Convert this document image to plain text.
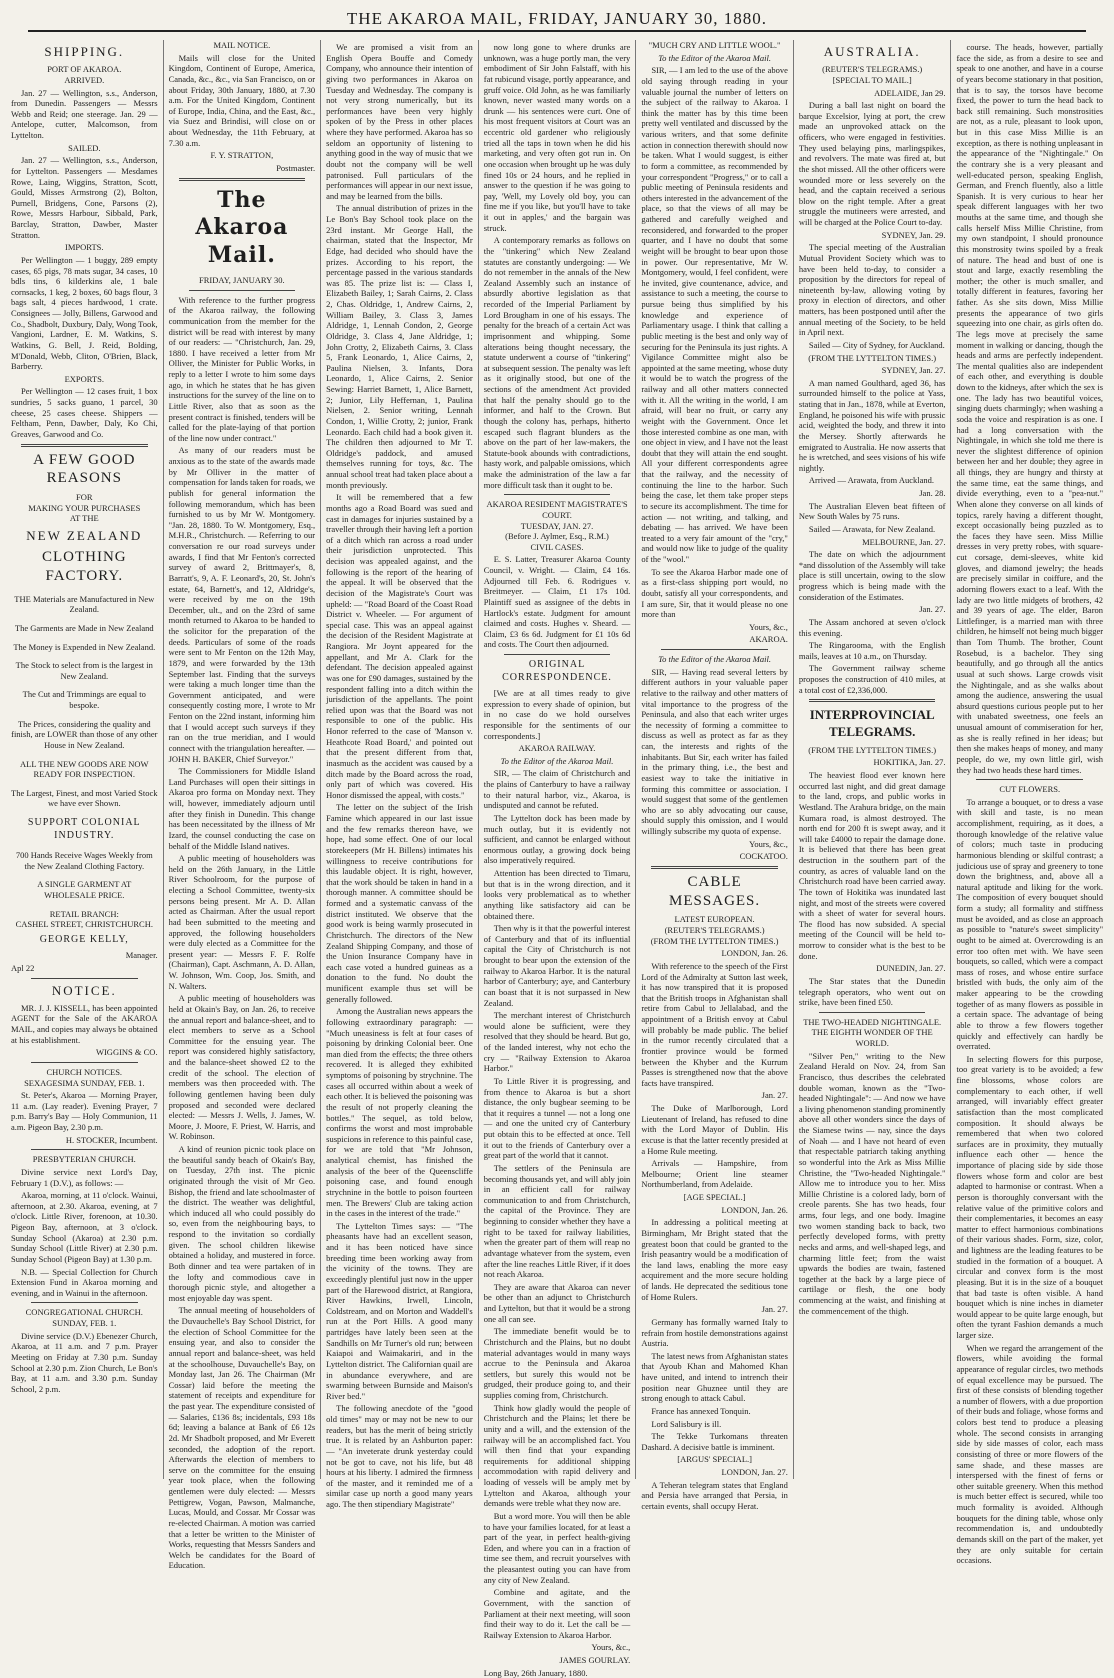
THE AKAROA MAIL, FRIDAY, JANUARY 30, 1880.
SHIPPING.
PORT OF AKAROA.
ARRIVED.
Jan. 27 — Wellington, s.s., Anderson, from Dunedin. Passengers — Messrs Webb and Reid; one steerage. Jan. 29 — Antelope, cutter, Malcomson, from Lyttelton.
SAILED.
Jan. 27 — Wellington, s.s., Anderson, for Lyttelton. Passengers — Mesdames Rowe, Laing, Wiggins, Stratton, Scott, Gould, Misses Armstrong (2), Bolton, Purnell, Bridgens, Cone, Parsons (2), Rowe, Messrs Harbour, Sibbald, Park, Barclay, Stratton, Dawber, Master Stratton.
IMPORTS.
Per Wellington — 1 buggy, 289 empty cases, 65 pigs, 78 mats sugar, 34 cases, 10 bdls tins, 6 kilderkins ale, 1 bale cornsacks, 1 keg, 2 boxes, 60 bags flour, 3 bags salt, 4 pieces hardwood, 1 crate. Consignees — Jolly, Billens, Garwood and Co., Shadbolt, Duxbury, Daly, Wong Took, Vangioni, Lardner, E. M. Watkins, S. Watkins, G. Bell, J. Reid, Bolding, M'Donald, Webb, Cliton, O'Brien, Black, Barberry.
EXPORTS.
Per Wellington — 12 cases fruit, 1 box sundries, 5 sacks guano, 1 parcel, 30 cheese, 25 cases cheese. Shippers — Feltham, Penn, Dawber, Daly, Ko Chi, Greaves, Garwood and Co.
A FEW GOOD REASONS
FOR
MAKING YOUR PURCHASES
AT THE
NEW ZEALAND
CLOTHING FACTORY.

THE Materials are Manufactured in New Zealand.

The Garments are Made in New Zealand

The Money is Expended in New Zealand.

The Stock to select from is the largest in New Zealand.

The Cut and Trimmings are equal to bespoke.

The Prices, considering the quality and finish, are LOWER than those of any other House in New Zealand.

ALL THE NEW GOODS ARE NOW READY FOR INSPECTION.

The Largest, Finest, and most Varied Stock we have ever Shown.

SUPPORT COLONIAL INDUSTRY.

700 Hands Receive Wages Weekly from the New Zealand Clothing Factory.

A SINGLE GARMENT AT WHOLESALE PRICE.

RETAIL BRANCH:
CASHEL STREET, CHRISTCHURCH.
GEORGE KELLY,
Manager.
Apl 22
NOTICE.
MR. J. J. KISSELL, has been appointed AGENT for the Sale of the AKAROA MAIL, and copies may always be obtained at his establishment.
WIGGINS & CO.
CHURCH NOTICES.
SEXAGESIMA SUNDAY, FEB. 1.
St. Peter's, Akaroa — Morning Prayer, 11 a.m. (Lay reader). Evening Prayer, 7 p.m. Barry's Bay — Holy Communion, 11 a.m. Pigeon Bay, 2.30 p.m.
H. STOCKER, Incumbent.
PRESBYTERIAN CHURCH.
Divine service next Lord's Day, February 1 (D.V.), as follows: —
Akaroa, morning, at 11 o'clock. Wainui, afternoon, at 2.30. Akaroa, evening, at 7 o'clock. Little River, forenoon, at 10.30. Pigeon Bay, afternoon, at 3 o'clock. Sunday School (Akaroa) at 2.30 p.m. Sunday School (Little River) at 2.30 p.m. Sunday School (Pigeon Bay) at 1.30 p.m.
N.B. — Special Collection for Church Extension Fund in Akaroa morning and evening, and in Wainui in the afternoon.
CONGREGATIONAL CHURCH.
SUNDAY, FEB. 1.
Divine service (D.V.) Ebenezer Church, Akaroa, at 11 a.m. and 7 p.m. Prayer Meeting on Friday at 7.30 p.m. Sunday School at 2.30 p.m. Zion Church, Le Bon's Bay, at 11 a.m. and 3.30 p.m. Sunday School, 2 p.m.
MAIL NOTICE.
Mails will close for the United Kingdom, Continent of Europe, America, Canada, &c., &c., via San Francisco, on or about Friday, 30th January, 1880, at 7.30 a.m. For the United Kingdom, Continent of Europe, India, China, and the East, &c., via Suez and Brindisi, will close on or about Wednesday, the 11th February, at 7.30 a.m.
F. Y. STRATTON,
Postmaster.
The Akaroa Mail.
FRIDAY, JANUARY 30.
With reference to the further progress of the Akaroa railway, the following communication from the member for the district will be read with interest by many of our readers: — "Christchurch, Jan. 29, 1880. I have received a letter from Mr Olliver, the Minister for Public Works, in reply to a letter I wrote to him some days ago, in which he states that he has given instructions for the survey of the line on to Little River, also that as soon as the present contract is finished, tenders will be called for the plate-laying of that portion of the line now under contract."
As many of our readers must be anxious as to the state of the awards made by Mr Olliver in the matter of compensation for lands taken for roads, we publish for general information the following memorandum, which has been furnished to us by Mr W. Montgomery. "Jan. 28, 1880. To W. Montgomery, Esq., M.H.R., Christchurch. — Referring to our conversation re our road surveys under awards, I find that Mr Fenton's corrected survey of award 2, Brittmayer's, 8, Barratt's, 9, A. F. Leonard's, 20, St. John's estate, 64, Barnett's, and 12, Aldridge's, were received by me on the 19th December, ult., and on the 23rd of same month returned to Akaroa to be handed to the solicitor for the preparation of the deeds. Particulars of some of the roads were sent to Mr Fenton on the 12th May, 1879, and were forwarded by the 13th September last. Finding that the surveys were taking a much longer time than the Government anticipated, and were consequently costing more, I wrote to Mr Fenton on the 22nd instant, informing him that I would accept such surveys if they ran on the true meridian, and I would connect with the triangulation hereafter. — JOHN H. BAKER, Chief Surveyor."
The Commissioners for Middle Island Land Purchases will open their sittings in Akaroa pro forma on Monday next. They will, however, immediately adjourn until after they finish in Dunedin. This change has been necessitated by the illness of Mr Izard, the counsel conducting the case on behalf of the Middle Island natives.
A public meeting of householders was held on the 26th January, in the Little River Schoolroom, for the purpose of electing a School Committee, twenty-six persons being present. Mr A. D. Allan acted as Chairman. After the usual report had been submitted to the meeting and approved, the following householders were duly elected as a Committee for the present year: — Messrs F. F. Rolfe (Chairman), Capt. Aschmann, A. D. Allan, W. Johnson, Wm. Coop, Jos. Smith, and N. Walters.
A public meeting of householders was held at Okain's Bay, on Jan. 26, to receive the annual report and balance-sheet, and to elect members to serve as a School Committee for the ensuing year. The report was considered highly satisfactory, and the balance-sheet showed £2 to the credit of the school. The election of members was then proceeded with. The following gentlemen having been duly proposed and seconded were declared elected: — Messrs J. Wells, J. James, W. Moore, J. Moore, F. Priest, W. Harris, and W. Robinson.
A kind of reunion picnic took place on the beautiful sandy beach of Okain's Bay, on Tuesday, 27th inst. The picnic originated through the visit of Mr Geo. Bishop, the friend and late schoolmaster of the district. The weather was delightful, which induced all who could possibly do so, even from the neighbouring bays, to respond to the invitation so cordially given. The school children likewise obtained a holiday, and mustered in force. Both dinner and tea were partaken of in the lofty and commodious cave in thorough picnic style, and altogether a most enjoyable day was spent.
The annual meeting of householders of the Duvauchelle's Bay School District, for the election of School Committee for the ensuing year, and also to consider the annual report and balance-sheet, was held at the schoolhouse, Duvauchelle's Bay, on Monday last, Jan 26. The Chairman (Mr Cossar) laid before the meeting the statement of receipts and expenditure for the past year. The expenditure consisted of — Salaries, £136 8s; incidentals, £93 18s 6d; leaving a balance at Bank of £6 12s 2d. Mr Shadbolt proposed, and Mr Everett seconded, the adoption of the report. Afterwards the election of members to serve on the committee for the ensuing year took place, when the following gentlemen were duly elected: — Messrs Pettigrew, Vogan, Pawson, Malmanche, Lucas, Mould, and Cossar. Mr Cossar was re-elected Chairman. A motion was carried that a letter be written to the Minister of Works, requesting that Messrs Sanders and Welch be candidates for the Board of Education.
We are promised a visit from an English Opera Bouffe and Comedy Company, who announce their intention of giving two performances in Akaroa on Tuesday and Wednesday. The company is not very strong numerically, but its performances have been very highly spoken of by the Press in other places where they have performed. Akaroa has so seldom an opportunity of listening to anything good in the way of music that we doubt not the company will be well patronised. Full particulars of the performances will appear in our next issue, and may be learned from the bills.
The annual distribution of prizes in the Le Bon's Bay School took place on the 23rd instant. Mr George Hall, the chairman, stated that the Inspector, Mr Edge, had decided who should have the prizes. According to his report, the percentage passed in the various standards was 85. The prize list is: — Class I, Elizabeth Bailey, 1; Sarah Cairns, 2. Class 2, Chas. Oldridge, 1, Andrew Cairns, 2, William Bailey, 3. Class 3, James Aldridge, 1, Lennah Condon, 2, George Oldridge, 3. Class 4, Jane Aldridge, 1; John Crotty, 2, Elizabeth Cairns, 3. Class 5, Frank Leonardo, 1, Alice Cairns, 2, Paulina Nielsen, 3. Infants, Dora Leonardo, 1, Alice Cairns, 2. Senior Sewing: Harriet Barnett, 1, Alice Barnett, 2; Junior, Lily Heffernan, 1, Paulina Nielsen, 2. Senior writing, Lennah Condon, 1, Willie Crotty, 2; junior, Frank Leonardo. Each child had a book given it. The children then adjourned to Mr T. Oldridge's paddock, and amused themselves running for toys, &c. The annual school treat had taken place about a month previously.
It will be remembered that a few months ago a Road Board was sued and cast in damages for injuries sustained by a traveller through their having left a portion of a ditch which ran across a road under their jurisdiction unprotected. This decision was appealed against, and the following is the report of the hearing of the appeal. It will be observed that the decision of the Magistrate's Court was upheld: — "Road Board of the Coast Road District v. Wheeler. — For argument of special case. This was an appeal against the decision of the Resident Magistrate at Rangiora. Mr Joynt appeared for the appellant, and Mr A. Clark for the defendant. The decision appealed against was one for £90 damages, sustained by the respondent falling into a ditch within the jurisdiction of the appellants. The point relied upon was that the Board was not responsible to one of the public. His Honor referred to the case of 'Manson v. Heathcote Road Board,' and pointed out that the present different from that, inasmuch as the accident was caused by a ditch made by the Board across the road, only part of which was covered. His Honor dismissed the appeal, with costs."
The letter on the subject of the Irish Famine which appeared in our last issue and the few remarks thereon have, we hope, had some effect. One of our local storekeepers (Mr H. Billens) intimates his willingness to receive contributions for this laudable object. It is right, however, that the work should be taken in hand in a thorough manner. A committee should be formed and a systematic canvass of the district instituted. We observe that the good work is being warmly prosecuted in Christchurch. The directors of the New Zealand Shipping Company, and those of the Union Insurance Company have in each case voted a hundred guineas as a donation to the fund. No doubt the munificent example thus set will be generally followed.
Among the Australian news appears the following extraordinary paragraph: — "Much uneasiness is felt at four cases of poisoning by drinking Colonial beer. One man died from the effects; the three others recovered. It is alleged they exhibited symptoms of poisoning by strychnine. The cases all occurred within about a week of each other. It is believed the poisoning was the result of not properly cleaning the bottles." The sequel, as told below, confirms the worst and most improbable suspicions in reference to this painful case, for we are told that "Mr Johnson, analytical chemist, has finished the analysis of the beer of the Queenscliffe poisoning case, and found enough strychnine in the bottle to poison fourteen men. The Brewers' Club are taking action in the cases in the interest of the trade."
The Lyttelton Times says: — "The pheasants have had an excellent season, and it has been noticed have since breeding time been working away from the vicinity of the towns. They are exceedingly plentiful just now in the upper part of the Harewood district, at Rangiora, River Hawkins, Irwell, Lincoln, Coldstream, and on Morton and Waddell's run at the Port Hills. A good many partridges have lately been seen at the Sandhills on Mr Turner's old run; between Kaiapoi and Waimakariri, and in the Lyttelton district. The Californian quail are in abundance everywhere, and are swarming between Burnside and Maison's River bed."
The following anecdote of the "good old times" may or may not be new to our readers, but has the merit of being strictly true. It is related by an Ashburton paper: — "An inveterate drunk yesterday could not be got to cave, not his life, but 48 hours at his liberty. I admired the firmness of the master, and it reminded me of a similar case up north a good many years ago. The then stipendiary Magistrate"
now long gone to where drunks are unknown, was a huge portly man, the very embodiment of Sir John Falstaff, with his fat rubicund visage, portly appearance, and gruff voice. Old John, as he was familiarly known, never wasted many words on a drunk — his sentences were curt. One of his most frequent visitors at Court was an eccentric old gardener who religiously tried all the taps in town when he did his marketing, and very often got run in. On one occasion when brought up he was duly fined 10s or 24 hours, and he replied in answer to the question if he was going to pay, 'Well, my Lovely old boy, you can fine me if you like, but you'll have to take it out in apples,' and the bargain was struck.
A contemporary remarks as follows on the "tinkering" which New Zealand statutes are constantly undergoing: — We do not remember in the annals of the New Zealand Assembly such an instance of absurdly abortive legislation as that recorded of the Imperial Parliament by Lord Brougham in one of his essays. The penalty for the breach of a certain Act was imprisonment and whipping. Some alterations being thought necessary, the statute underwent a course of "tinkering" at subsequent session. The penalty was left as it originally stood, but one of the sections of the amendment Act provided that half the penalty should go to the informer, and half to the Crown. But though the colony has, perhaps, hitherto escaped such flagrant blunders as the above on the part of her law-makers, the Statute-book abounds with contradictions, hasty work, and palpable omissions, which make the administration of the law a far more difficult task than it ought to be.
AKAROA RESIDENT MAGISTRATE'S COURT.
TUESDAY, JAN. 27.
(Before J. Aylmer, Esq., R.M.)
CIVIL CASES.
E. S. Latter, Treasurer Akaroa County Council, v. Wright. — Claim, £4 16s. Adjourned till Feb. 6. Rodrigues v. Breitmeyer. — Claim, £1 17s 10d. Plaintiff sued as assignee of the debts in Hartlock's estate. Judgment for amount claimed and costs. Hughes v. Sheard. — Claim, £3 6s 6d. Judgment for £1 10s 6d and costs. The Court then adjourned.
ORIGINAL CORRESPONDENCE.
[We are at all times ready to give expression to every shade of opinion, but in no case do we hold ourselves responsible for the sentiments of our correspondents.]
AKAROA RAILWAY.
To the Editor of the Akaroa Mail.
SIR, — The claim of Christchurch and the plains of Canterbury to have a railway to their natural harbor, viz., Akaroa, is undisputed and cannot be refuted.
The Lyttelton dock has been made by much outlay, but it is evidently not sufficient, and cannot be enlarged without enormous outlay, a growing dock being also imperatively required.
Attention has been directed to Timaru, but that is in the wrong direction, and it looks very problematical as to whether anything like satisfactory aid can be obtained there.
Then why is it that the powerful interest of Canterbury and that of its influential capital the City of Christchurch is not brought to bear upon the extension of the railway to Akaroa Harbor. It is the natural harbor of Canterbury; aye, and Canterbury can boast that it is not surpassed in New Zealand.
The merchant interest of Christchurch would alone be sufficient, were they resolved that they should be heard. But go, of the landed interest, why not echo the cry — "Railway Extension to Akaroa Harbor."
To Little River it is progressing, and from thence to Akaroa is but a short distance, the only bugbear seeming to be that it requires a tunnel — not a long one — and one the united cry of Canterbury put obtain this to be effected at once. Tell it out to the friends of Canterbury over a great part of the world that it cannot.
The settlers of the Peninsula are becoming thousands yet, and will ably join in an efficient call for railway communication to and from Christchurch, the capital of the Province. They are beginning to consider whether they have a right to be taxed for railway liabilities, when the greater part of them will reap no advantage whatever from the system, even after the line reaches Little River, if it does not reach Akaroa.
They are aware that Akaroa can never be other than an adjunct to Christchurch and Lyttelton, but that it would be a strong one all can see.
The immediate benefit would be to Christchurch and the Plains, but no doubt material advantages would in many ways accrue to the Peninsula and Akaroa settlers, but surely this would not be grudged, their produce going to, and their supplies coming from, Christchurch.
Think how gladly would the people of Christchurch and the Plains; let there be unity and a will, and the extension of the railway will be an accomplished fact. You will then find that your expanding requirements for additional shipping accommodation with rapid delivery and loading of vessels will be amply met by Lyttelton and Akaroa, although your demands were treble what they now are.
But a word more. You will then be able to have your families located, for at least a part of the year, in perfect health-giving Eden, and where you can in a fraction of time see them, and recruit yourselves with the pleasantest outing you can have from any city of New Zealand.
Combine and agitate, and the Government, with the sanction of Parliament at their next meeting, will soon find their way to do it. Let the call be — Railway Extension to Akaroa Harbor.
Yours, &c.,
JAMES GOURLAY.
Long Bay, 26th January, 1880.
"MUCH CRY AND LITTLE WOOL."
To the Editor of the Akaroa Mail.
SIR, — I am led to the use of the above old saying through reading in your valuable journal the number of letters on the subject of the railway to Akaroa. I think the matter has by this time been pretty well ventilated and discussed by the various writers, and that some definite action in connection therewith should now be taken. What I would suggest, is either to form a committee, as recommended by your correspondent "Progress," or to call a public meeting of Peninsula residents and others interested in the advancement of the place, so that the views of all may be gathered and carefully weighed and reconsidered, and forwarded to the proper quarter, and I have no doubt that some weight will be brought to bear upon those in power. Our representative, Mr W. Montgomery, would, I feel confident, were he invited, give countenance, advice, and assistance to such a meeting, the course to pursue being thus simplified by his knowledge and experience of Parliamentary usage. I think that calling a public meeting is the best and only way of securing for the Peninsula its just rights. A Vigilance Committee might also be appointed at the same meeting, whose duty it would be to watch the progress of the railway and all other matters connected with it. All the writing in the world, I am afraid, will bear no fruit, or carry any weight with the Government. Once let those interested combine as one man, with one object in view, and I have not the least doubt that they will attain the end sought. All your different correspondents agree that the railway, and the necessity of continuing the line to the harbor. Such being the case, let them take proper steps to secure its accomplishment. The time for action — not writing, and talking, and debating — has arrived. We have been treated to a very fair amount of the "cry," and would now like to judge of the quality of the "wool."
To see the Akaroa Harbor made one of as a first-class shipping port would, no doubt, satisfy all your correspondents, and I am sure, Sir, that it would please no one more than
Yours, &c.,
AKAROA.
To the Editor of the Akaroa Mail.
SIR, — Having read several letters by different authors in your valuable paper relative to the railway and other matters of vital importance to the progress of the Peninsula, and also that each writer urges the necessity of forming a committee to discuss as well as protect as far as they can, the interests and rights of the inhabitants. But Sir, each writer has failed in the primary thing, i.e., the best and easiest way to take the initiative in forming this committee or association. I would suggest that some of the gentlemen who are so ably advocating our cause, should supply this omission, and I would willingly subscribe my quota of expense.
Yours, &c.,
COCKATOO.
CABLE MESSAGES.
LATEST EUROPEAN.
(REUTER'S TELEGRAMS.)
(FROM THE LYTTELTON TIMES.)
LONDON, Jan. 26.
With reference to the speech of the First Lord of the Admiralty at Sutton last week, it has now transpired that it is proposed that the British troops in Afghanistan shall retire from Cabul to Jellalabad, and the appointment of a British envoy at Cabul will probably be made public. The belief in the rumor recently circulated that a frontier province would be formed between the Khyber and the Kurrum Passes is strengthened now that the above facts have transpired.
Jan. 27.
The Duke of Marlborough, Lord Lieutenant of Ireland, has refused to dine with the Lord Mayor of Dublin. His excuse is that the latter recently presided at a Home Rule meeting.
Arrivals — Hampshire, from Melbourne; Orient line steamer Northumberland, from Adelaide.
[AGE SPECIAL.]
LONDON, Jan. 26.
In addressing a political meeting at Birmingham, Mr Bright stated that the greatest boon that could be granted to the Irish peasantry would be a modification of the land laws, enabling the more easy acquirement and the more secure holding of lands. He deprecated the seditious tone of Home Rulers.
Jan. 27.
Germany has formally warned Italy to refrain from hostile demonstrations against Austria.
The latest news from Afghanistan states that Ayoub Khan and Mahomed Khan have united, and intend to intrench their position near Ghuznee until they are strong enough to attack Cabul.
France has annexed Tonquin.
Lord Salisbury is ill.
The Tekke Turkomans threaten Dashard. A decisive battle is imminent.
[ARGUS' SPECIAL.]
LONDON, Jan. 27.
A Teheran telegram states that England and Persia have arranged that Persia, in certain events, shall occupy Herat.
AUSTRALIA.
(REUTER'S TELEGRAMS.)
[SPECIAL TO MAIL.]
ADELAIDE, Jan 29.
During a ball last night on board the barque Excelsior, lying at port, the crew made an unprovoked attack on the officers, who were engaged in festivities. They used belaying pins, marlingspikes, and revolvers. The mate was fired at, but the shot missed. All the other officers were wounded more or less severely on the head, and the captain received a serious blow on the right temple. After a great struggle the mutineers were arrested, and will be charged at the Police Court to-day.
SYDNEY, Jan. 29.
The special meeting of the Australian Mutual Provident Society which was to have been held to-day, to consider a proposition by the directors for repeal of nineteenth by-law, allowing voting by proxy in election of directors, and other matters, has been postponed until after the annual meeting of the Society, to be held in April next.
Sailed — City of Sydney, for Auckland.
(FROM THE LYTTELTON TIMES.)
SYDNEY, Jan. 27.
A man named Goulthard, aged 36, has surrounded himself to the police at Yass, stating that in Jan., 1878, while at Everton, England, he poisoned his wife with prussic acid, weighted the body, and threw it into the Mersey. Shortly afterwards he emigrated to Australia. He now asserts that he is wretched, and sees visions of his wife nightly.
Arrived — Arawata, from Auckland.
Jan. 28.
The Australian Eleven beat fifteen of New South Wales by 75 runs.
Sailed — Arawata, for New Zealand.
MELBOURNE, Jan. 27.
The date on which the adjournment *and dissolution of the Assembly will take place is still uncertain, owing to the slow progress which is being made with the consideration of the Estimates.
Jan. 27.
The Assam anchored at seven o'clock this evening.
The Ringarooma, with the English mails, leaves at 10 a.m., on Thursday.
The Government railway scheme proposes the construction of 410 miles, at a total cost of £2,336,000.
INTERPROVINCIAL TELEGRAMS.
(FROM THE LYTTELTON TIMES.)
HOKITIKA, Jan. 27.
The heaviest flood ever known here occurred last night, and did great damage to the land, crops, and public works in Westland. The Arahura bridge, on the main Kumara road, is almost destroyed. The north end for 200 ft is swept away, and it will take £4000 to repair the damage done. It is believed that there has been great destruction in the southern part of the country, as acres of valuable land on the Christchurch road have been carried away. The town of Hokitika was inundated last night, and most of the streets were covered with a sheet of water for several hours. The flood has now subsided. A special meeting of the Council will be held to-morrow to consider what is the best to be done.
DUNEDIN, Jan. 27.
The Star states that the Dunedin telegraph operators, who went out on strike, have been fined £50.
THE TWO-HEADED NIGHTINGALE.
THE EIGHTH WONDER OF THE WORLD.
"Silver Pen," writing to the New Zealand Herald on Nov. 24, from San Francisco, thus describes the celebrated double woman, known as the "Two-headed Nightingale": — And now we have a living phenomenon standing prominently above all other wonders since the days of the Siamese twins — nay, since the days of Noah — and I have not heard of even that respectable patriarch taking anything so wonderful into the Ark as Miss Millie Christine, the "Two-headed Nightingale." Allow me to introduce you to her. Miss Millie Christine is a colored lady, born of creole parents. She has two heads, four arms, four legs, and one body. Imagine two women standing back to back, two perfectly developed forms, with pretty necks and arms, and well-shaped legs, and charming little feet; from the waist upwards the bodies are twain, fastened together at the back by a large piece of cartilage or flesh, the one body commencing at the waist, and finishing at the commencement of the thigh.
course. The heads, however, partially face the side, as from a desire to see and speak to one another, and have in a course of years become stationary in that position, that is to say, the torsos have become fixed, the power to turn the head back to back still remaining. Such monstrosities are not, as a rule, pleasant to look upon, but in this case Miss Millie is an exception, as there is nothing unpleasant in the appearance of the "Nightingale." On the contrary she is a very pleasant and well-educated person, speaking English, German, and French fluently, also a little Spanish. It is very curious to hear her speak different languages with her two mouths at the same time, and though she calls herself Miss Millie Christine, from my own standpoint, I should pronounce this monstrosity twins spoiled by a freak of nature. The head and bust of one is stout and large, exactly resembling the mother; the other is much smaller, and totally different in features, favoring her father. As she sits down, Miss Millie presents the appearance of two girls squeezing into one chair, as girls often do. The legs move at precisely the same moment in walking or dancing, though the heads and arms are perfectly independent. The mental qualities also are independent of each other, and everything is double down to the kidneys, after which the sex is one. The lady has two beautiful voices, singing duets charmingly; when washing a soda the voice and respiration is as one. I had a long conversation with the Nightingale, in which she told me there is never the slightest difference of opinion between her and her double; they agree in all things, they are hungry and thirsty at the same time, eat the same things, and divide everything, even to a "pea-nut." When alone they converse on all kinds of topics, rarely having a different thought, except occasionally being puzzled as to the faces they have seen. Miss Millie dresses in very pretty robes, with square-cut corsage, demi-sleeves, white kid gloves, and diamond jewelry; the heads are precisely similar in coiffure, and the adorning flowers exact to a leaf. With the lady are two little midgets of brothers, 42 and 39 years of age. The elder, Baron Littlefinger, is a married man with three children, he himself not being much bigger than Tom Thumb. The brother, Count Rosebud, is a bachelor. They sing beautifully, and go through all the antics usual at such shows. Large crowds visit the Nightingale, and as she walks about among the audience, answering the usual absurd questions curious people put to her with unabated sweetness, one feels an unusual amount of commiseration for her, as she is really refined in her ideas; but then she makes heaps of money, and many people, do we, my own little girl, wish they had two heads these hard times.
CUT FLOWERS.
To arrange a bouquet, or to dress a vase with skill and taste, is no mean accomplishment, requiring, as it does, a thorough knowledge of the relative value of colors; much taste in producing harmonious blending or skilful contrast; a judicious use of spray and greenery to tone down the brightness, and, above all a natural aptitude and liking for the work. The composition of every bouquet should form a study; all formality and stiffness must be avoided, and as close an approach as possible to "nature's sweet simplicity" ought to be aimed at. Overcrowding is an error too often met with. We have seen bouquets, so called, which were a compact mass of roses, and whose entire surface bristled with buds, the only aim of the maker appearing to be the crowding together of as many flowers as possible in a certain space. The advantage of being able to throw a few flowers together quickly and effectively can hardly be overrated.
In selecting flowers for this purpose, too great variety is to be avoided; a few fine blossoms, whose colors are complementary to each other, if well arranged, will invariably effect greater satisfaction than the most complicated composition. It should always be remembered that when two colored surfaces are in proximity, they mutually influence each other — hence the importance of placing side by side those flowers whose form and color are best adapted to harmonise or contrast. When a person is thoroughly conversant with the relative value of the primitive colors and their complementaries, it becomes an easy matter to effect harmonious combinations of their various shades. Form, size, color, and lightness are the leading features to be studied in the formation of a bouquet. A circular and convex form is the most pleasing. But it is in the size of a bouquet that bad taste is often visible. A hand bouquet which is nine inches in diameter would appear to be quite large enough, but often the tyrant Fashion demands a much larger size.
When we regard the arrangement of the flowers, while avoiding the formal appearance of regular circles, two methods of equal excellence may be pursued. The first of these consists of blending together a number of flowers, with a due proportion of their buds and foliage, whose forms and colors best tend to produce a pleasing whole. The second consists in arranging side by side masses of color, each mass consisting of three or more flowers of the same shade, and these masses are interspersed with the finest of ferns or other suitable greenery. When this method is much better effect is secured, while too much formality is avoided. Although bouquets for the dining table, whose only recommendation is, and undoubtedly demands skill on the part of the maker, yet they are only suitable for certain occasions.
